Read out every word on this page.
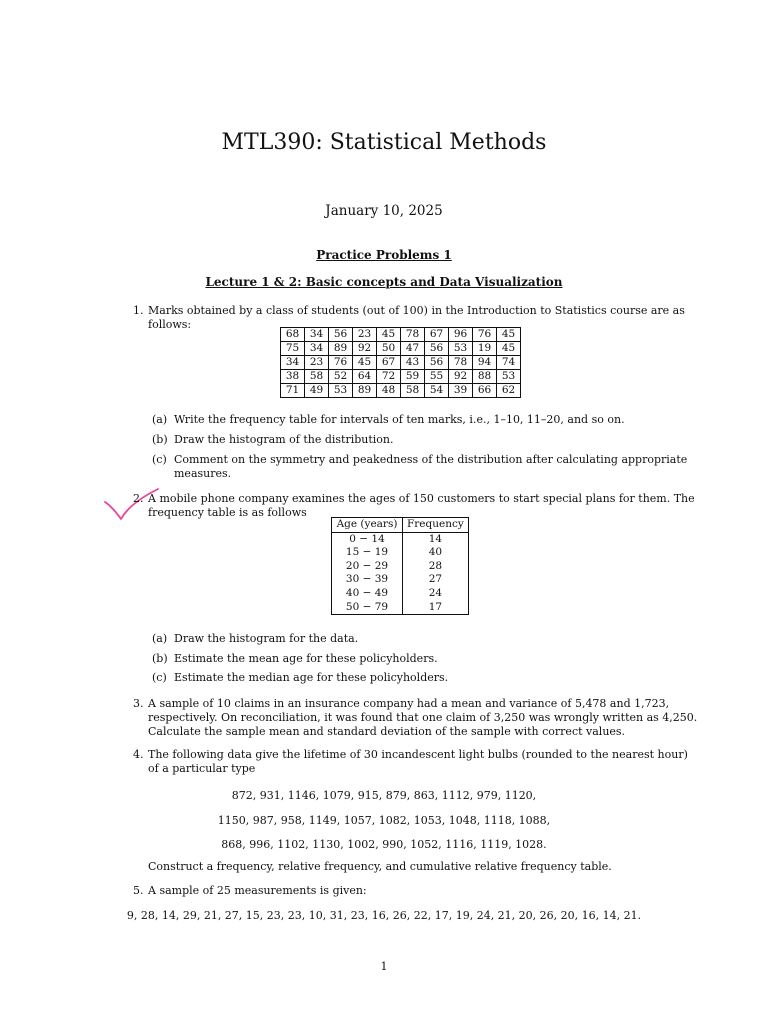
MTL390: Statistical Methods
January 10, 2025
Practice Problems 1
Lecture 1 & 2: Basic concepts and Data Visualization
1. Marks obtained by a class of students (out of 100) in the Introduction to Statistics course are as
follows:
68	34	56	23	45	78	67	96	76	45
75	34	89	92	50	47	56	53	19	45
34	23	76	45	67	43	56	78	94	74
38	58	52	64	72	59	55	92	88	53
71	49	53	89	48	58	54	39	66	62
(a) Write the frequency table for intervals of ten marks, i.e., 1–10, 11–20, and so on.
(b) Draw the histogram of the distribution.
(c) Comment on the symmetry and peakedness of the distribution after calculating appropriate
measures.
2. A mobile phone company examines the ages of 150 customers to start special plans for them. The
frequency table is as follows
Age (years)	Frequency
0 − 14	14
15 − 19	40
20 − 29	28
30 − 39	27
40 − 49	24
50 − 79	17
(a) Draw the histogram for the data.
(b) Estimate the mean age for these policyholders.
(c) Estimate the median age for these policyholders.
3. A sample of 10 claims in an insurance company had a mean and variance of 5,478 and 1,723,
respectively. On reconciliation, it was found that one claim of 3,250 was wrongly written as 4,250.
Calculate the sample mean and standard deviation of the sample with correct values.
4. The following data give the lifetime of 30 incandescent light bulbs (rounded to the nearest hour)
of a particular type
872, 931, 1146, 1079, 915, 879, 863, 1112, 979, 1120,
1150, 987, 958, 1149, 1057, 1082, 1053, 1048, 1118, 1088,
868, 996, 1102, 1130, 1002, 990, 1052, 1116, 1119, 1028.
Construct a frequency, relative frequency, and cumulative relative frequency table.
5. A sample of 25 measurements is given:
9, 28, 14, 29, 21, 27, 15, 23, 23, 10, 31, 23, 16, 26, 22, 17, 19, 24, 21, 20, 26, 20, 16, 14, 21.
1
